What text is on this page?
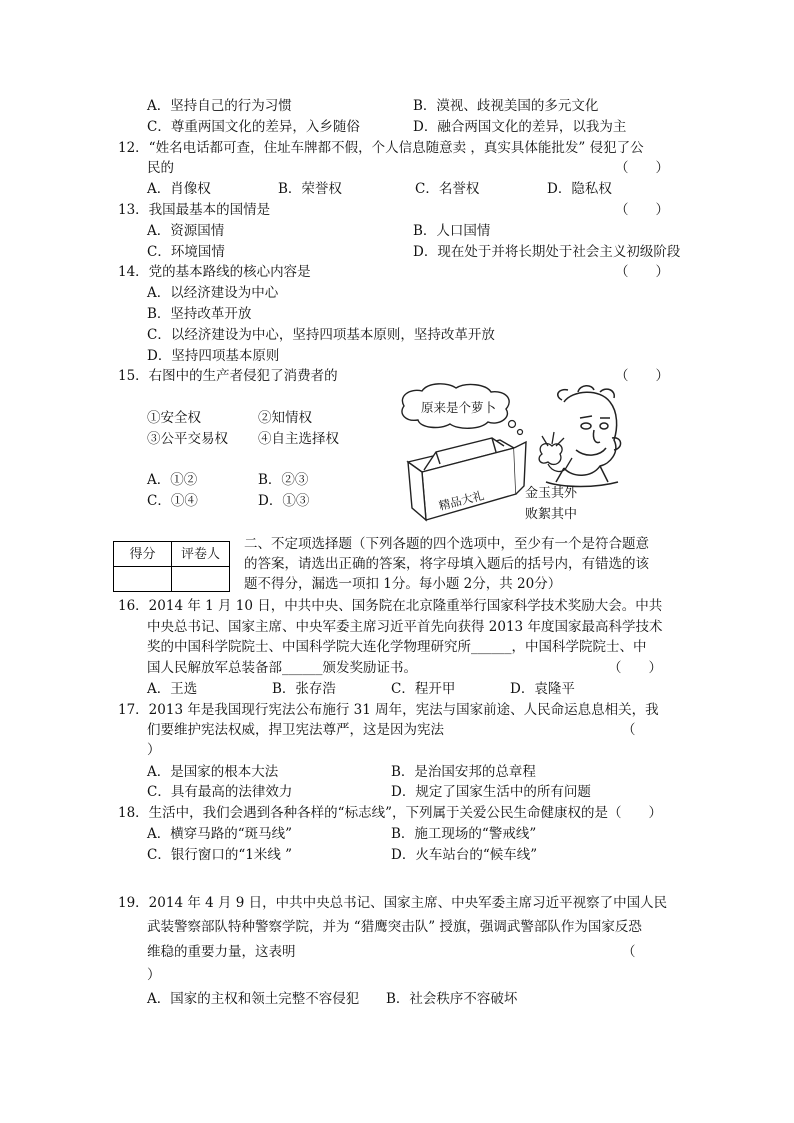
A．坚持自己的行为习惯	B．漠视、歧视美国的多元文化
C．尊重两国文化的差异，入乡随俗	D．融合两国文化的差异，以我为主
12．“姓名电话都可查，住址车牌都不假，个人信息随意卖 ，真实具体能批发” 侵犯了公
民的	（　　）
A．肖像权	B．荣誉权	C．名誉权	D．隐私权
13．我国最基本的国情是	（　　）
A．资源国情	B．人口国情
C．环境国情	D．现在处于并将长期处于社会主义初级阶段
14．党的基本路线的核心内容是	（　　）
A．以经济建设为中心
B．坚持改革开放
C．以经济建设为中心，坚持四项基本原则，坚持改革开放
D．坚持四项基本原则
15．右图中的生产者侵犯了消费者的	（　　）
①安全权	②知情权
③公平交易权 ④自主选择权
A．①②	B．②③
C．①④	D．①③
原来是个萝卜
精品大礼	金玉其外
败絮其中
得分	评卷人

二、不定项选择题（下列各题的四个选项中，至少有一个是符合题意
的答案，请选出正确的答案，将字母填入题后的括号内，有错选的该
题不得分，漏选一项扣 1分。每小题 2分，共 20分）
16．2014 年 1 月 10 日，中共中央、国务院在北京隆重举行国家科学技术奖励大会。中共
中央总书记、国家主席、中央军委主席习近平首先向获得 2013 年度国家最高科学技术
奖的中国科学院院士、中国科学院大连化学物理研究所______，中国科学院院士、中
国人民解放军总装备部______颁发奖励证书。	（　　）
A．王选	B．张存浩	C．程开甲	D．袁隆平
17．2013 年是我国现行宪法公布施行 31 周年，宪法与国家前途、人民命运息息相关，我
们要维护宪法权威，捍卫宪法尊严，这是因为宪法	（
）
A．是国家的根本大法	B．是治国安邦的总章程
C．具有最高的法律效力	D．规定了国家生活中的所有问题
18．生活中，我们会遇到各种各样的“标志线”，下列属于关爱公民生命健康权的是（　　）
A．横穿马路的“斑马线”	B．施工现场的“警戒线”
C．银行窗口的“1米线 ”	D．火车站台的“候车线”
19．2014 年 4 月 9 日，中共中央总书记、国家主席、中央军委主席习近平视察了中国人民
武装警察部队特种警察学院，并为 “猎鹰突击队” 授旗，强调武警部队作为国家反恐
维稳的重要力量，这表明	（
）
A．国家的主权和领土完整不容侵犯 B．社会秩序不容破坏
